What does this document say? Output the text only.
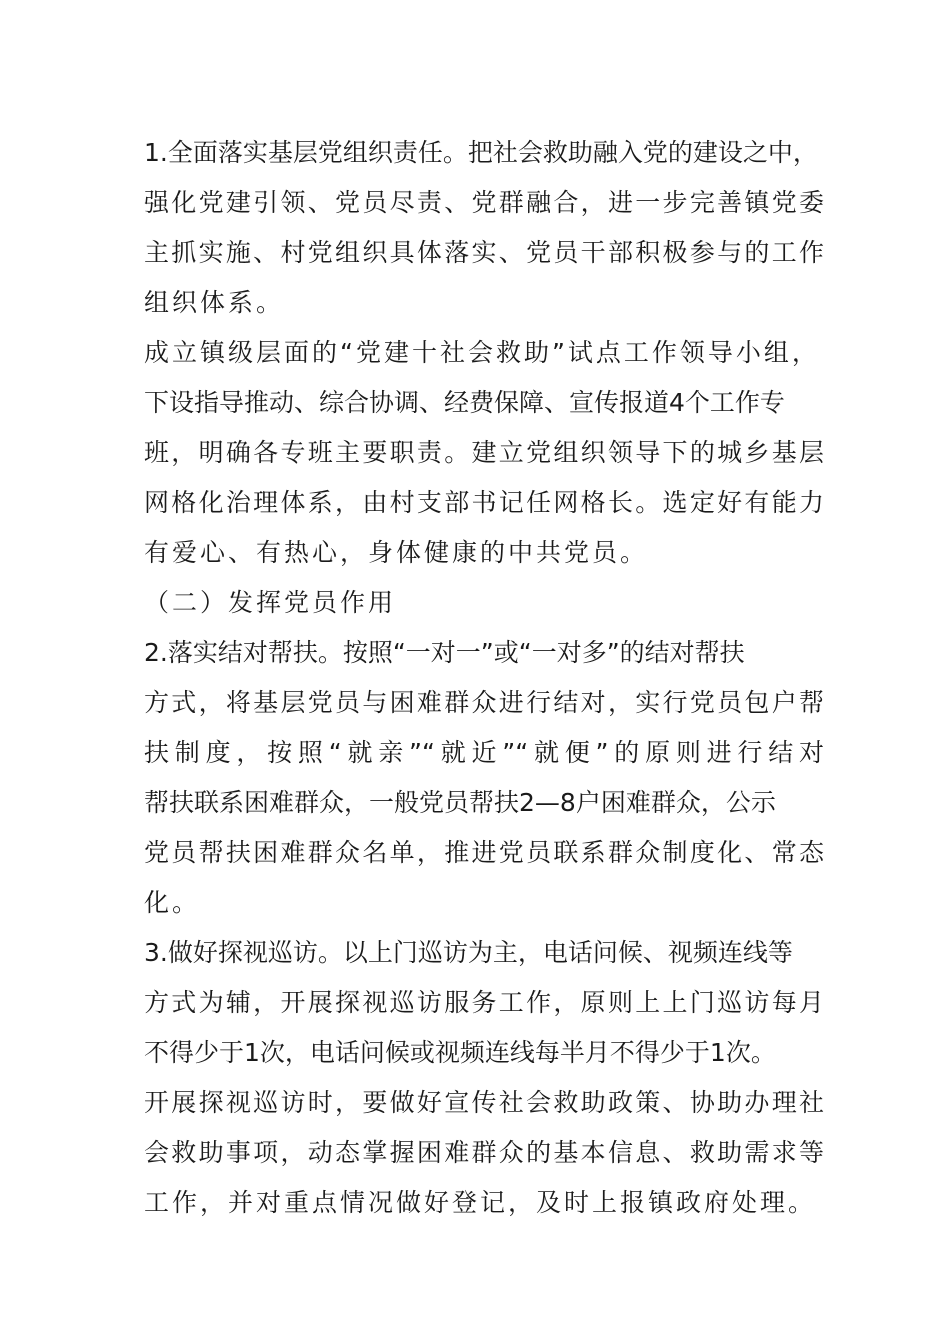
1.全面落实基层党组织责任。把社会救助融入党的建设之中，
强化党建引领、党员尽责、党群融合，进一步完善镇党委
主抓实施、村党组织具体落实、党员干部积极参与的工作
组织体系。
成立镇级层面的“党建十社会救助”试点工作领导小组，
下设指导推动、综合协调、经费保障、宣传报道4个工作专
班，明确各专班主要职责。建立党组织领导下的城乡基层
网格化治理体系，由村支部书记任网格长。选定好有能力
有爱心、有热心，身体健康的中共党员。
（二）发挥党员作用
2.落实结对帮扶。按照“一对一”或“一对多”的结对帮扶
方式，将基层党员与困难群众进行结对，实行党员包户帮
扶制度，按照“就亲”“就近”“就便”的原则进行结对
帮扶联系困难群众，一般党员帮扶2—8户困难群众，公示
党员帮扶困难群众名单，推进党员联系群众制度化、常态
化。
3.做好探视巡访。以上门巡访为主，电话问候、视频连线等
方式为辅，开展探视巡访服务工作，原则上上门巡访每月
不得少于1次，电话问候或视频连线每半月不得少于1次。
开展探视巡访时，要做好宣传社会救助政策、协助办理社
会救助事项，动态掌握困难群众的基本信息、救助需求等
工作，并对重点情况做好登记，及时上报镇政府处理。
